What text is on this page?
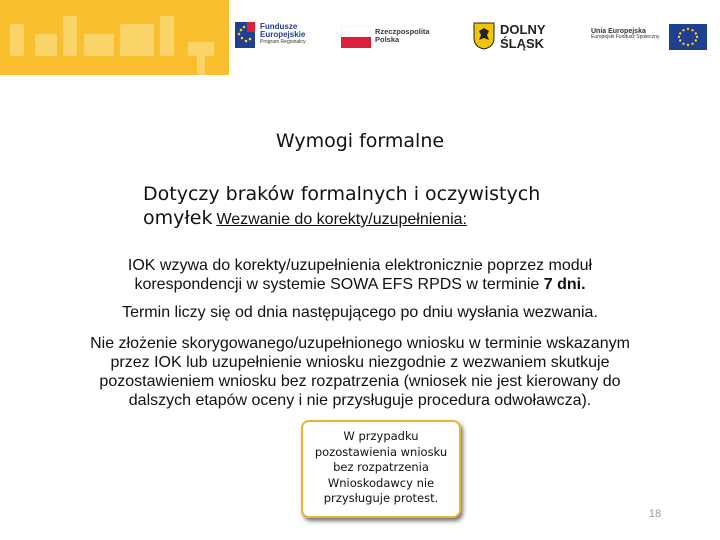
Fundusze
Europejskie
Program Regionalny
Rzeczpospolita
Polska
DOLNY
ŚLĄSK
Unia Europejska
Europejski Fundusz Społeczny
Wymogi formalne
Dotyczy braków formalnych i oczywistych omyłek Wezwanie do korekty/uzupełnienia:
IOK wzywa do korekty/uzupełnienia elektronicznie poprzez moduł
korespondencji w systemie SOWA EFS RPDS w terminie 7 dni.
Termin liczy się od dnia następującego po dniu wysłania wezwania.
Nie złożenie skorygowanego/uzupełnionego wniosku w terminie wskazanym
przez IOK lub uzupełnienie wniosku niezgodnie z wezwaniem skutkuje
pozostawieniem wniosku bez rozpatrzenia (wniosek nie jest kierowany do
dalszych etapów oceny i nie przysługuje procedura odwoławcza).
W przypadku
pozostawienia wniosku
bez rozpatrzenia
Wnioskodawcy nie
przysługuje protest.
18
